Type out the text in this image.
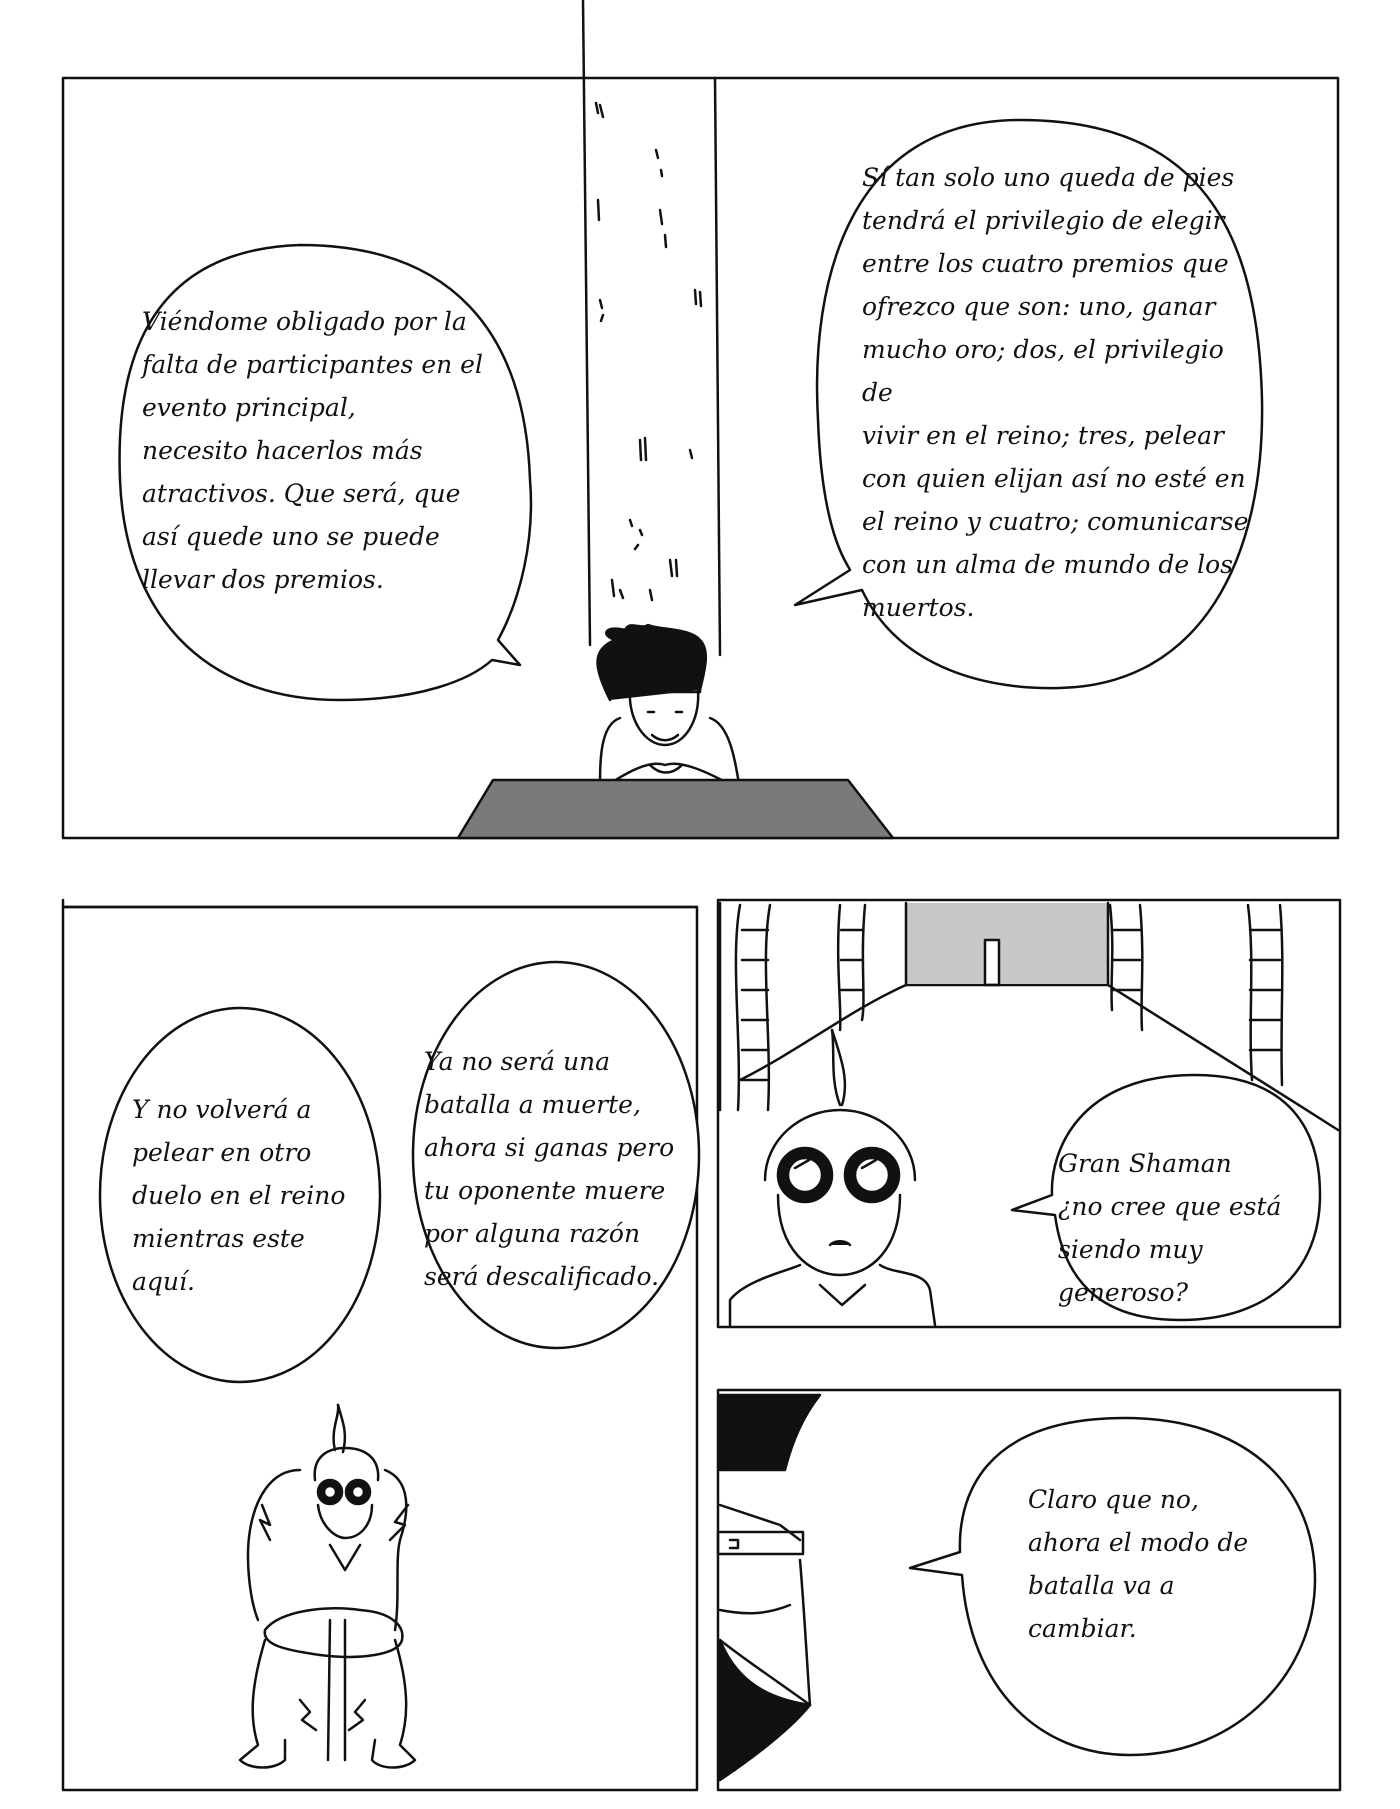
Viéndome obligado por la
falta de participantes en el
evento principal,
necesito hacerlos más
atractivos. Que será, que
así quede uno se puede
llevar dos premios.
Sí tan solo uno queda de pies
tendrá el privilegio de elegir
entre los cuatro premios que
ofrezco que son: uno, ganar
mucho oro; dos, el privilegio de
vivir en el reino; tres, pelear
con quien elijan así no esté en
el reino y cuatro; comunicarse
con un alma de mundo de los
muertos.
Y no volverá a
pelear en otro
duelo en el reino
mientras este
aquí.
Ya no será una
batalla a muerte,
ahora si ganas pero
tu oponente muere
por alguna razón
será descalificado.
Gran Shaman
¿no cree que está
siendo muy
generoso?
Claro que no,
ahora el modo de
batalla va a
cambiar.
